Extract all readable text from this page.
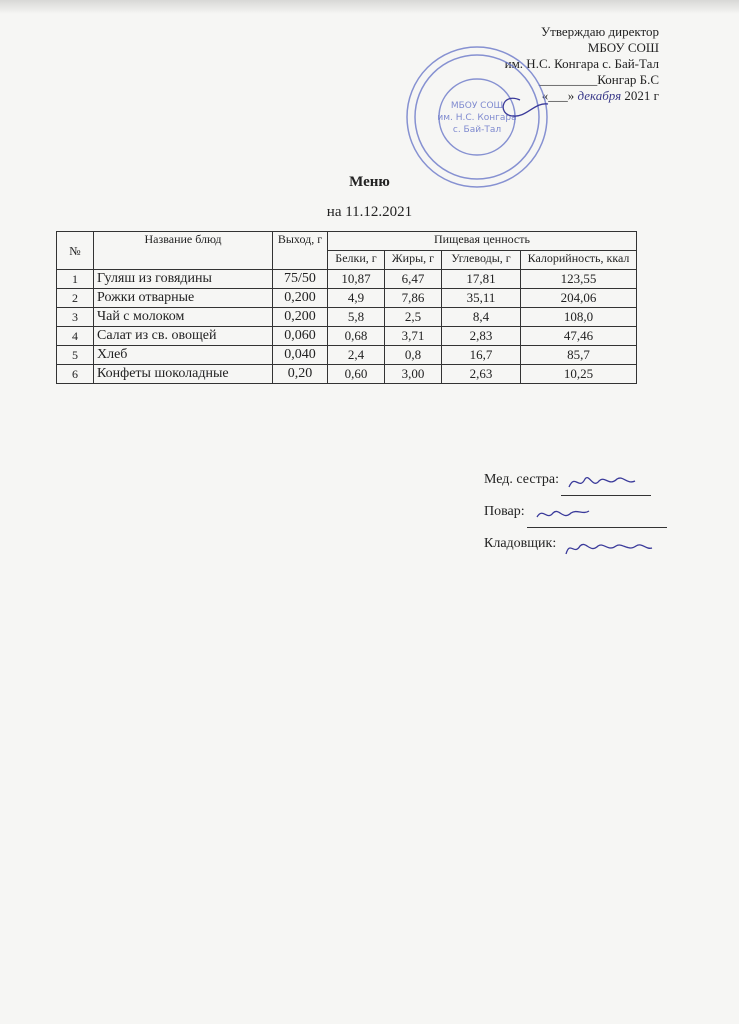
Утверждаю директор
МБОУ СОШ
им. Н.С. Конгара с. Бай-Тал
_________Конгар Б.С
«___» декабря 2021 г
МБОУ СОШ
им. Н.С. Конгара
с. Бай-Тал
Меню
на 11.12.2021
№	Название блюд	Выход, г	Пищевая ценность			
			Белки, г	Жиры, г	Углеводы, г	Калорийность, ккал
1	Гуляш из говядины	75/50	10,87	6,47	17,81	123,55
2	Рожки отварные	0,200	4,9	7,86	35,11	204,06
3	Чай с молоком	0,200	5,8	2,5	8,4	108,0
4	Салат из св. овощей	0,060	0,68	3,71	2,83	47,46
5	Хлеб	0,040	2,4	0,8	16,7	85,7
6	Конфеты шоколадные	0,20	0,60	3,00	2,63	10,25
Мед. сестра:
Повар:
Кладовщик:
